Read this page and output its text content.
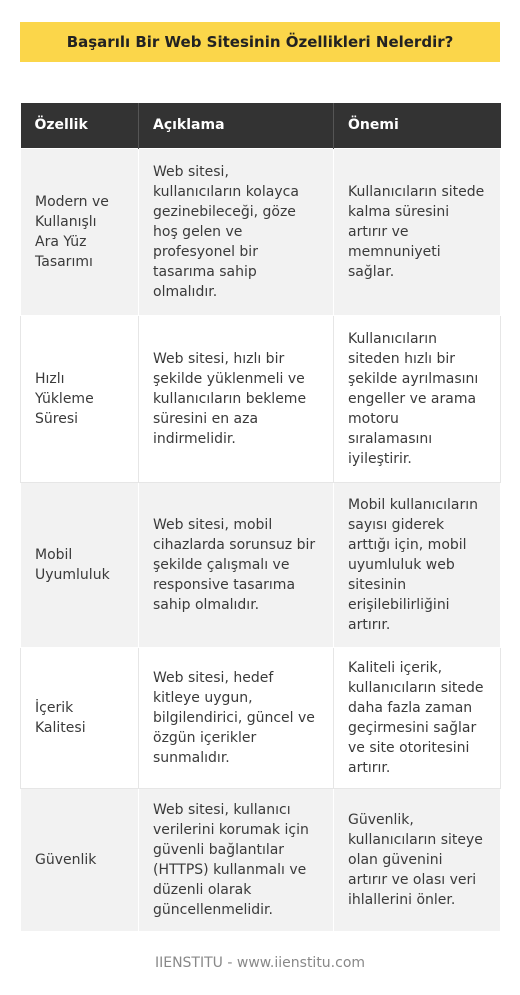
Başarılı Bir Web Sitesinin Özellikleri Nelerdir?
Özellik	Açıklama	Önemi
Modern ve Kullanışlı Ara Yüz Tasarımı	Web sitesi, kullanıcıların kolayca gezinebileceği, göze hoş gelen ve profesyonel bir tasarıma sahip olmalıdır.	Kullanıcıların sitede kalma süresini artırır ve memnuniyeti sağlar.
Hızlı Yükleme Süresi	Web sitesi, hızlı bir şekilde yüklenmeli ve kullanıcıların bekleme süresini en aza indirmelidir.	Kullanıcıların siteden hızlı bir şekilde ayrılmasını engeller ve arama motoru sıralamasını iyileştirir.
Mobil Uyumluluk	Web sitesi, mobil cihazlarda sorunsuz bir şekilde çalışmalı ve responsive tasarıma sahip olmalıdır.	Mobil kullanıcıların sayısı giderek arttığı için, mobil uyumluluk web sitesinin erişilebilirliğini artırır.
İçerik Kalitesi	Web sitesi, hedef kitleye uygun, bilgilendirici, güncel ve özgün içerikler sunmalıdır.	Kaliteli içerik, kullanıcıların sitede daha fazla zaman geçirmesini sağlar ve site otoritesini artırır.
Güvenlik	Web sitesi, kullanıcı verilerini korumak için güvenli bağlantılar (HTTPS) kullanmalı ve düzenli olarak güncellenmelidir.	Güvenlik, kullanıcıların siteye olan güvenini artırır ve olası veri ihlallerini önler.
IIENSTITU - www.iienstitu.com
